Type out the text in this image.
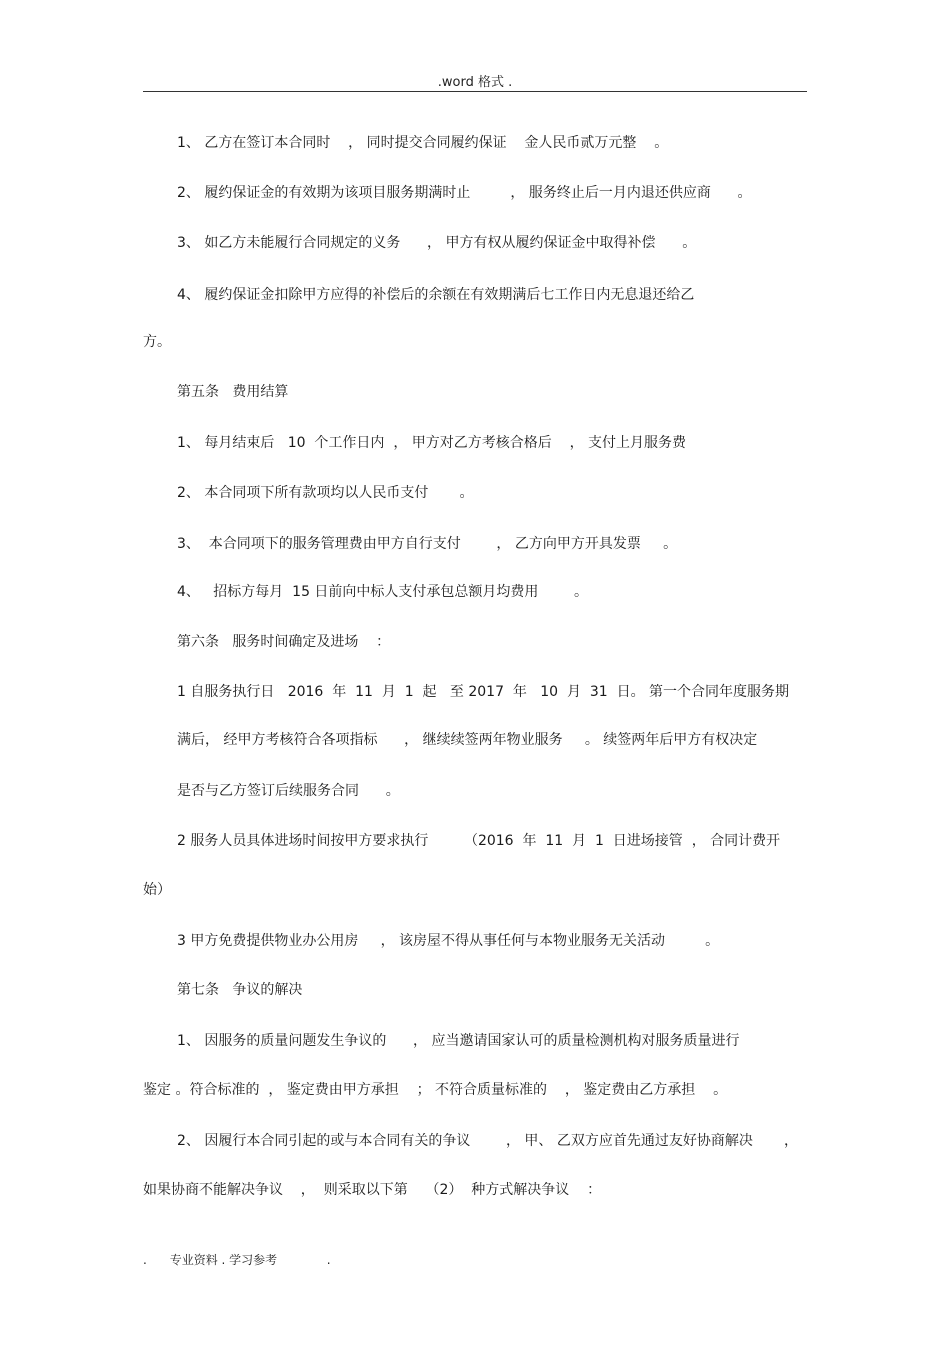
.word 格式 .
1、 乙方在签订本合同时    ， 同时提交合同履约保证    金人民币贰万元整    。
2、 履约保证金的有效期为该项目服务期满时止         ， 服务终止后一月内退还供应商      。
3、 如乙方未能履行合同规定的义务      ， 甲方有权从履约保证金中取得补偿      。
4、 履约保证金扣除甲方应得的补偿后的余额在有效期满后七工作日内无息退还给乙
方。
第五条   费用结算
1、 每月结束后   10  个工作日内  ， 甲方对乙方考核合格后    ， 支付上月服务费
2、 本合同项下所有款项均以人民币支付       。
3、  本合同项下的服务管理费由甲方自行支付        ， 乙方向甲方开具发票     。
4、   招标方每月  15 日前向中标人支付承包总额月均费用        。
第六条   服务时间确定及进场    ：
1 自服务执行日   2016  年  11  月  1  起   至 2017  年   10  月  31  日。 第一个合同年度服务期
满后， 经甲方考核符合各项指标      ， 继续续签两年物业服务     。 续签两年后甲方有权决定
是否与乙方签订后续服务合同      。
2 服务人员具体进场时间按甲方要求执行        （2016  年  11  月  1  日进场接管  ， 合同计费开
始）
3 甲方免费提供物业办公用房     ， 该房屋不得从事任何与本物业服务无关活动         。
第七条   争议的解决
1、 因服务的质量问题发生争议的      ， 应当邀请国家认可的质量检测机构对服务质量进行
鉴定 。符合标准的  ， 鉴定费由甲方承担    ； 不符合质量标准的    ， 鉴定费由乙方承担    。
2、 因履行本合同引起的或与本合同有关的争议        ， 甲、 乙双方应首先通过友好协商解决       ，
如果协商不能解决争议    ，  则采取以下第    （2）  种方式解决争议    ：
.      专业资料 . 学习参考             .
